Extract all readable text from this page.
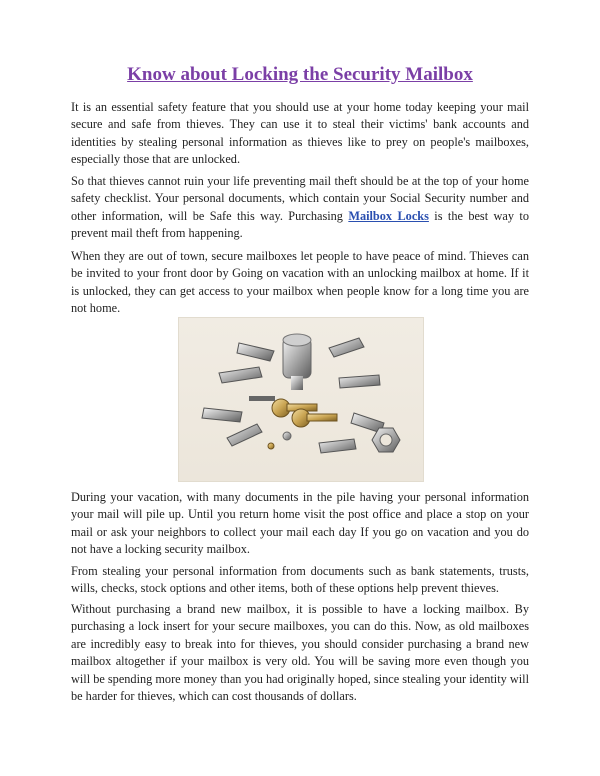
Know about Locking the Security Mailbox

It is an essential safety feature that you should use at your home today keeping your mail secure and safe from thieves. They can use it to steal their victims' bank accounts and identities by stealing personal information as thieves like to prey on people's mailboxes, especially those that are unlocked.

So that thieves cannot ruin your life preventing mail theft should be at the top of your home safety checklist. Your personal documents, which contain your Social Security number and other information, will be Safe this way. Purchasing Mailbox Locks is the best way to prevent mail theft from happening.

When they are out of town, secure mailboxes let people to have peace of mind. Thieves can be invited to your front door by Going on vacation with an unlocking mailbox at home. If it is unlocked, they can get access to your mailbox when people know for a long time you are not home.

During your vacation, with many documents in the pile having your personal information your mail will pile up. Until you return home visit the post office and place a stop on your mail or ask your neighbors to collect your mail each day If you go on vacation and you do not have a locking security mailbox.

From stealing your personal information from documents such as bank statements, trusts, wills, checks, stock options and other items, both of these options help prevent thieves.

Without purchasing a brand new mailbox, it is possible to have a locking mailbox. By purchasing a lock insert for your secure mailboxes, you can do this. Now, as old mailboxes are incredibly easy to break into for thieves, you should consider purchasing a brand new mailbox altogether if your mailbox is very old. You will be saving more even though you will be spending more money than you had originally hoped, since stealing your identity will be harder for thieves, which can cost thousands of dollars.
